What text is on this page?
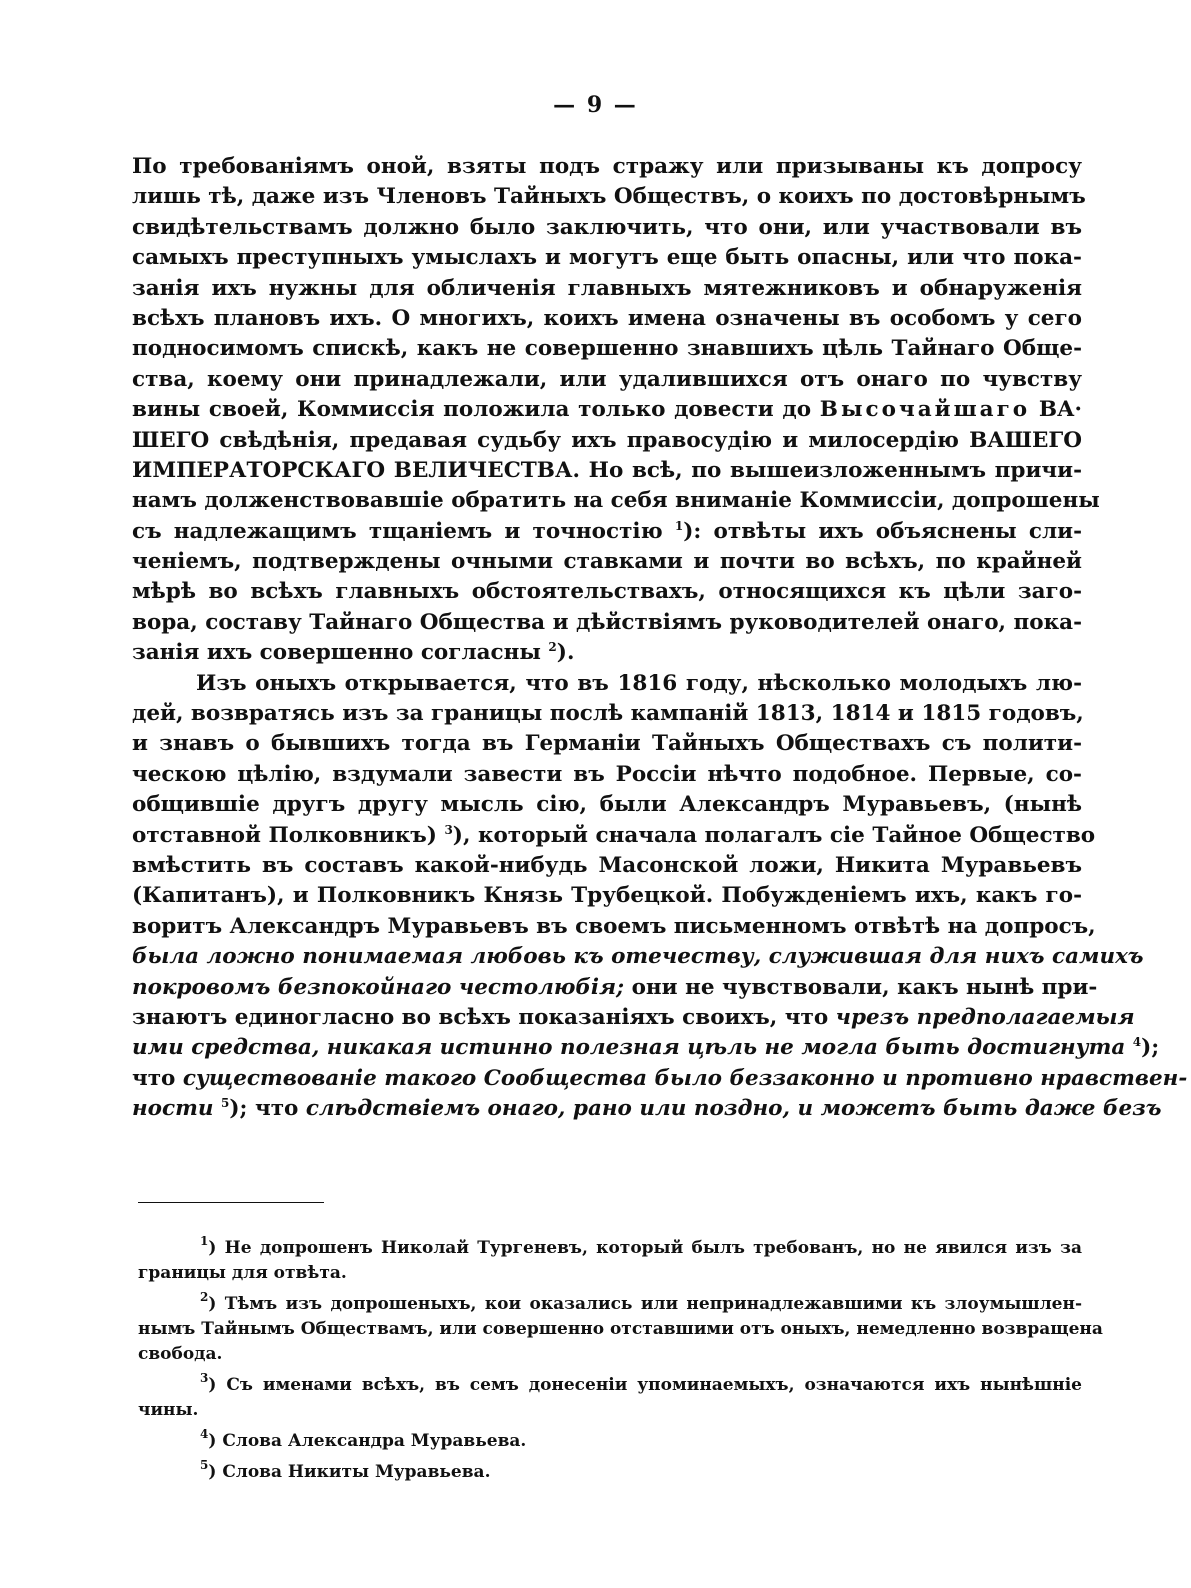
— 9 —
По требованіямъ оной, взяты подъ стражу или призываны къ допросу
лишь тѣ, даже изъ Членовъ Тайныхъ Обществъ, о коихъ по достовѣрнымъ
свидѣтельствамъ должно было заключить, что они, или участвовали въ
самыхъ преступныхъ умыслахъ и могутъ еще быть опасны, или что пока-
занія ихъ нужны для обличенія главныхъ мятежниковъ и обнаруженія
всѣхъ плановъ ихъ. О многихъ, коихъ имена означены въ особомъ у сего
подносимомъ спискѣ, какъ не совершенно знавшихъ цѣль Тайнаго Обще-
ства, коему они принадлежали, или удалившихся отъ онаго по чувству
вины своей, Коммиссія положила только довести до Высочайшаго ВА·
ШЕГО свѣдѣнія, предавая судьбу ихъ правосудію и милосердію ВАШЕГО
ИМПЕРАТОРСКАГО ВЕЛИЧЕСТВА. Но всѣ, по вышеизложеннымъ причи-
намъ долженствовавшіе обратить на себя вниманіе Коммиссіи, допрошены
съ надлежащимъ тщаніемъ и точностію $^1$): отвѣты ихъ объяснены сли-
ченіемъ, подтверждены очными ставками и почти во всѣхъ, по крайней
мѣрѣ во всѣхъ главныхъ обстоятельствахъ, относящихся къ цѣли заго-
вора, составу Тайнаго Общества и дѣйствіямъ руководителей онаго, пока-
занія ихъ совершенно согласны $^2$).
Изъ оныхъ открывается, что въ 1816 году, нѣсколько молодыхъ лю-
дей, возвратясь изъ за границы послѣ кампаній 1813, 1814 и 1815 годовъ,
и знавъ о бывшихъ тогда въ Германіи Тайныхъ Обществахъ съ полити-
ческою цѣлію, вздумали завести въ Россіи нѣчто подобное. Первые, со-
общившіе другъ другу мысль сію, были Александръ Муравьевъ, (нынѣ
отставной Полковникъ) $^3$), который сначала полагалъ сіе Тайное Общество
вмѣстить въ составъ какой-нибудь Масонской ложи, Никита Муравьевъ
(Капитанъ), и Полковникъ Князь Трубецкой. Побужденіемъ ихъ, какъ го-
воритъ Александръ Муравьевъ въ своемъ письменномъ отвѣтѣ на допросъ,
была ложно понимаемая любовь къ отечеству, служившая для нихъ самихъ
покровомъ безпокойнаго честолюбія; они не чувствовали, какъ нынѣ при-
знаютъ единогласно во всѣхъ показаніяхъ своихъ, что чрезъ предполагаемыя
ими средства, никакая истинно полезная цѣль не могла быть достигнута $^4$);
что существованіе такого Сообщества было беззаконно и противно нравствен-
ности $^5$); что слѣдствіемъ онаго, рано или поздно, и можетъ быть даже безъ
$^1$) Не допрошенъ Николай Тургеневъ, который былъ требованъ, но не явился изъ за
границы для отвѣта.
$^2$) Тѣмъ изъ допрошеныхъ, кои оказались или непринадлежавшими къ злоумышлен-
нымъ Тайнымъ Обществамъ, или совершенно отставшими отъ оныхъ, немедленно возвращена
свобода.
$^3$) Съ именами всѣхъ, въ семъ донесеніи упоминаемыхъ, означаются ихъ нынѣшніе
чины.
$^4$) Слова Александра Муравьева.
$^5$) Слова Никиты Муравьева.
